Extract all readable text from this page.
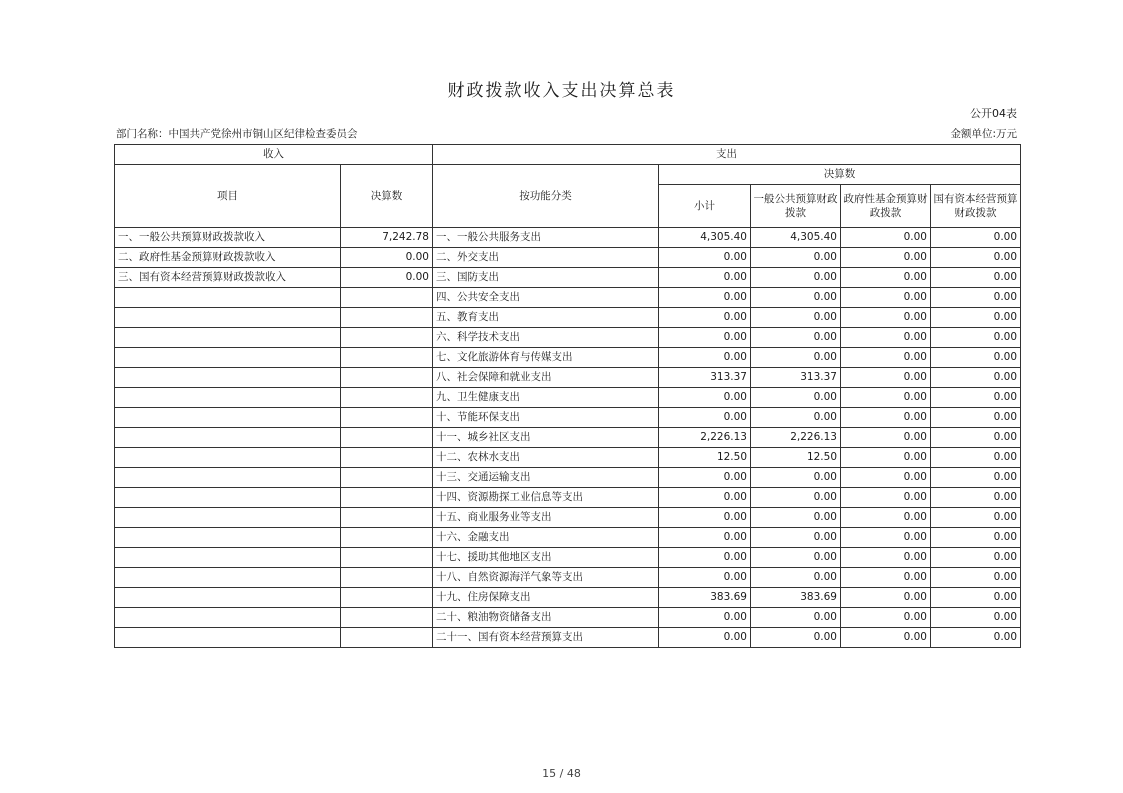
财政拨款收入支出决算总表
公开04表
部门名称：中国共产党徐州市铜山区纪律检查委员会	金额单位:万元
收入		支出				
项目	决算数	按功能分类	决算数			
			小计	一般公共预算财政拨款	政府性基金预算财政拨款	国有资本经营预算财政拨款
一、一般公共预算财政拨款收入	7,242.78	一、一般公共服务支出	4,305.40	4,305.40	0.00	0.00
二、政府性基金预算财政拨款收入	0.00	二、外交支出	0.00	0.00	0.00	0.00
三、国有资本经营预算财政拨款收入	0.00	三、国防支出	0.00	0.00	0.00	0.00
		四、公共安全支出	0.00	0.00	0.00	0.00
		五、教育支出	0.00	0.00	0.00	0.00
		六、科学技术支出	0.00	0.00	0.00	0.00
		七、文化旅游体育与传媒支出	0.00	0.00	0.00	0.00
		八、社会保障和就业支出	313.37	313.37	0.00	0.00
		九、卫生健康支出	0.00	0.00	0.00	0.00
		十、节能环保支出	0.00	0.00	0.00	0.00
		十一、城乡社区支出	2,226.13	2,226.13	0.00	0.00
		十二、农林水支出	12.50	12.50	0.00	0.00
		十三、交通运输支出	0.00	0.00	0.00	0.00
		十四、资源勘探工业信息等支出	0.00	0.00	0.00	0.00
		十五、商业服务业等支出	0.00	0.00	0.00	0.00
		十六、金融支出	0.00	0.00	0.00	0.00
		十七、援助其他地区支出	0.00	0.00	0.00	0.00
		十八、自然资源海洋气象等支出	0.00	0.00	0.00	0.00
		十九、住房保障支出	383.69	383.69	0.00	0.00
		二十、粮油物资储备支出	0.00	0.00	0.00	0.00
		二十一、国有资本经营预算支出	0.00	0.00	0.00	0.00
15 / 48
